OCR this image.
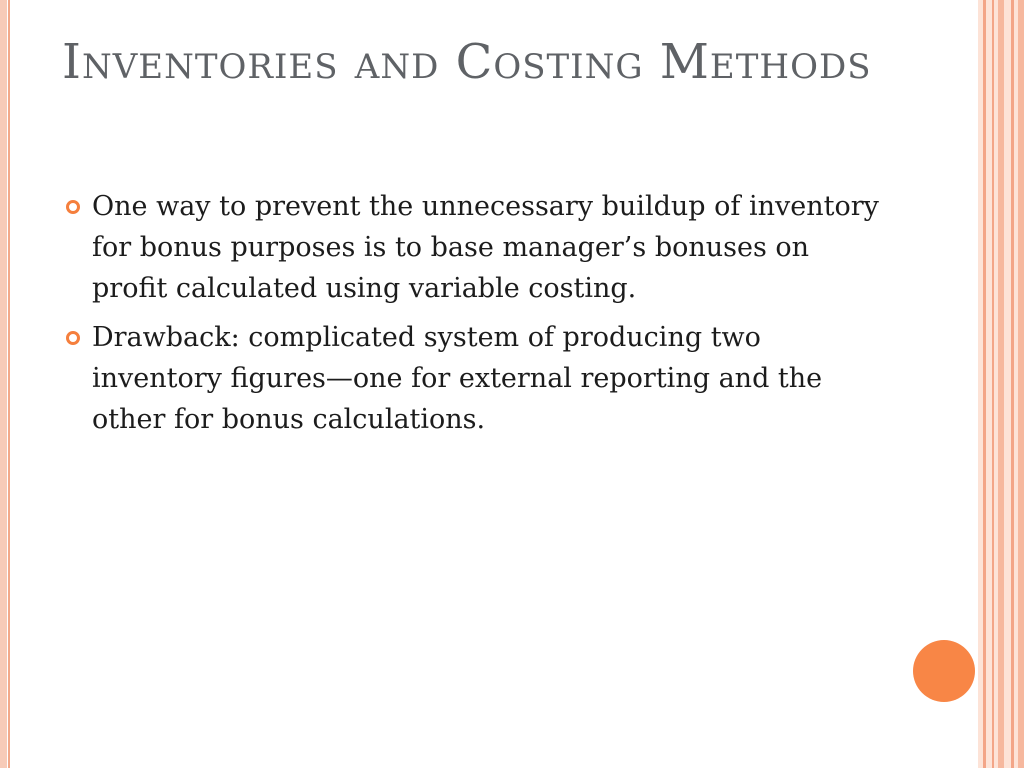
Inventories and Costing Methods
One way to prevent the unnecessary buildup of inventory for bonus purposes is to base manager’s bonuses on profit calculated using variable costing.
Drawback: complicated system of producing two inventory figures—one for external reporting and the other for bonus calculations.
